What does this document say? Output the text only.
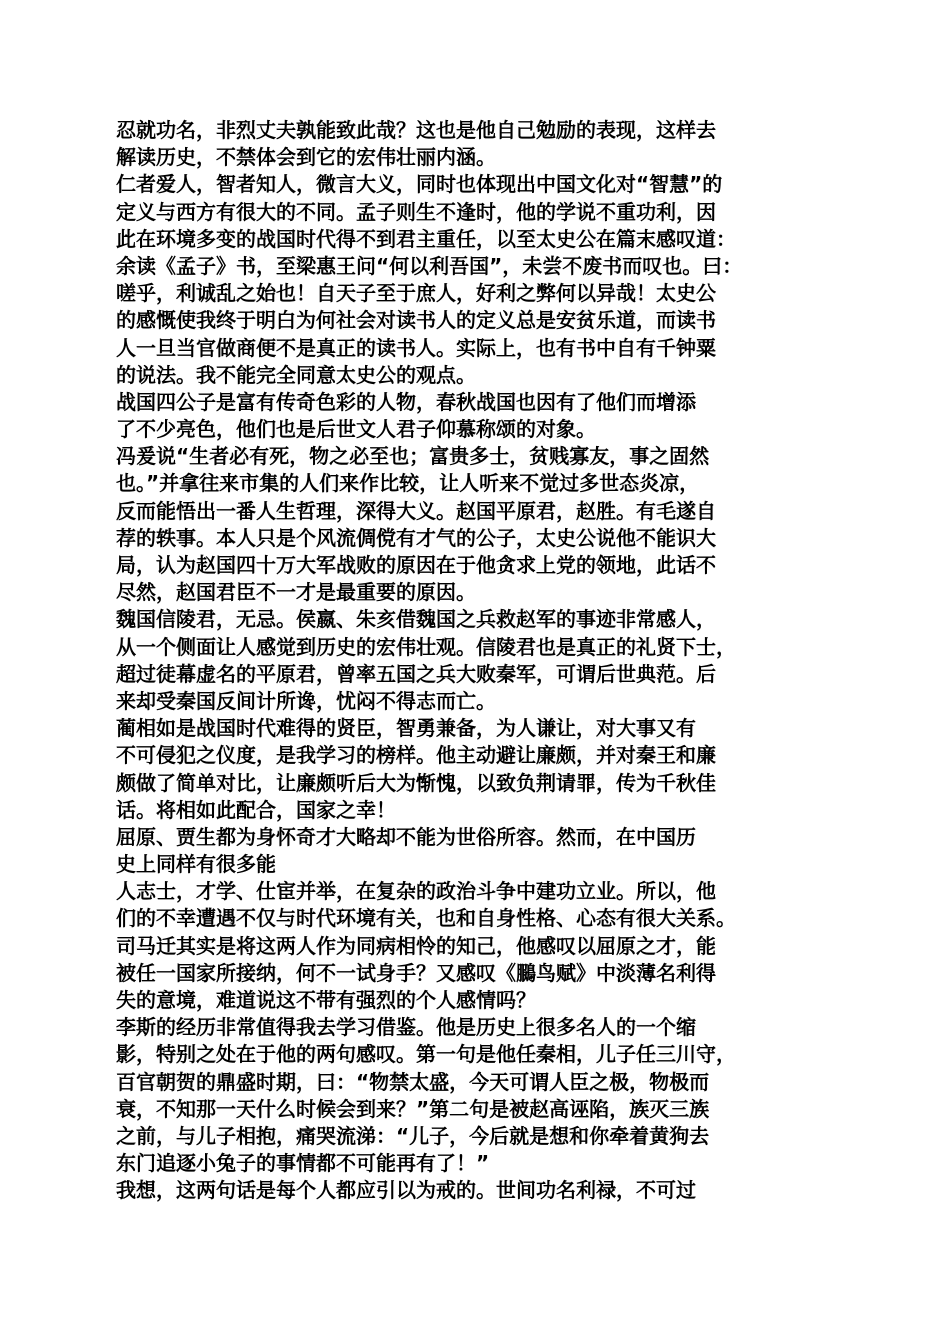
忍就功名，非烈丈夫孰能致此哉？这也是他自己勉励的表现，这样去
解读历史，不禁体会到它的宏伟壮丽内涵。
仁者爱人，智者知人，微言大义，同时也体现出中国文化对“智慧”的
定义与西方有很大的不同。孟子则生不逢时，他的学说不重功利，因
此在环境多变的战国时代得不到君主重任，以至太史公在篇末感叹道：
余读《孟子》书，至梁惠王问“何以利吾国”，未尝不废书而叹也。曰：
嗟乎，利诚乱之始也！自天子至于庶人，好利之弊何以异哉！太史公
的感慨使我终于明白为何社会对读书人的定义总是安贫乐道，而读书
人一旦当官做商便不是真正的读书人。实际上，也有书中自有千钟粟
的说法。我不能完全同意太史公的观点。
战国四公子是富有传奇色彩的人物，春秋战国也因有了他们而增添
了不少亮色，他们也是后世文人君子仰慕称颂的对象。
冯爰说“生者必有死，物之必至也；富贵多士，贫贱寡友，事之固然
也。”并拿往来市集的人们来作比较，让人听来不觉过多世态炎凉，
反而能悟出一番人生哲理，深得大义。赵国平原君，赵胜。有毛遂自
荐的轶事。本人只是个风流倜傥有才气的公子，太史公说他不能识大
局，认为赵国四十万大军战败的原因在于他贪求上党的领地，此话不
尽然，赵国君臣不一才是最重要的原因。
魏国信陵君，无忌。侯嬴、朱亥借魏国之兵救赵军的事迹非常感人，
从一个侧面让人感觉到历史的宏伟壮观。信陵君也是真正的礼贤下士，
超过徒幕虚名的平原君，曾率五国之兵大败秦军，可谓后世典范。后
来却受秦国反间计所谗，忧闷不得志而亡。
蔺相如是战国时代难得的贤臣，智勇兼备，为人谦让，对大事又有
不可侵犯之仪度，是我学习的榜样。他主动避让廉颇，并对秦王和廉
颇做了简单对比，让廉颇听后大为惭愧，以致负荆请罪，传为千秋佳
话。将相如此配合，国家之幸！
屈原、贾生都为身怀奇才大略却不能为世俗所容。然而，在中国历
史上同样有很多能
人志士，才学、仕宦并举，在复杂的政治斗争中建功立业。所以，他
们的不幸遭遇不仅与时代环境有关，也和自身性格、心态有很大关系。
司马迁其实是将这两人作为同病相怜的知己，他感叹以屈原之才，能
被任一国家所接纳，何不一试身手？又感叹《鵩鸟赋》中淡薄名利得
失的意境，难道说这不带有强烈的个人感情吗？
李斯的经历非常值得我去学习借鉴。他是历史上很多名人的一个缩
影，特别之处在于他的两句感叹。第一句是他任秦相，儿子任三川守，
百官朝贺的鼎盛时期，曰：“物禁太盛，今天可谓人臣之极，物极而
衰，不知那一天什么时候会到来？”第二句是被赵高诬陷，族灭三族
之前，与儿子相抱，痛哭流涕：“儿子，今后就是想和你牵着黄狗去
东门追逐小兔子的事情都不可能再有了！”
我想，这两句话是每个人都应引以为戒的。世间功名利禄，不可过
